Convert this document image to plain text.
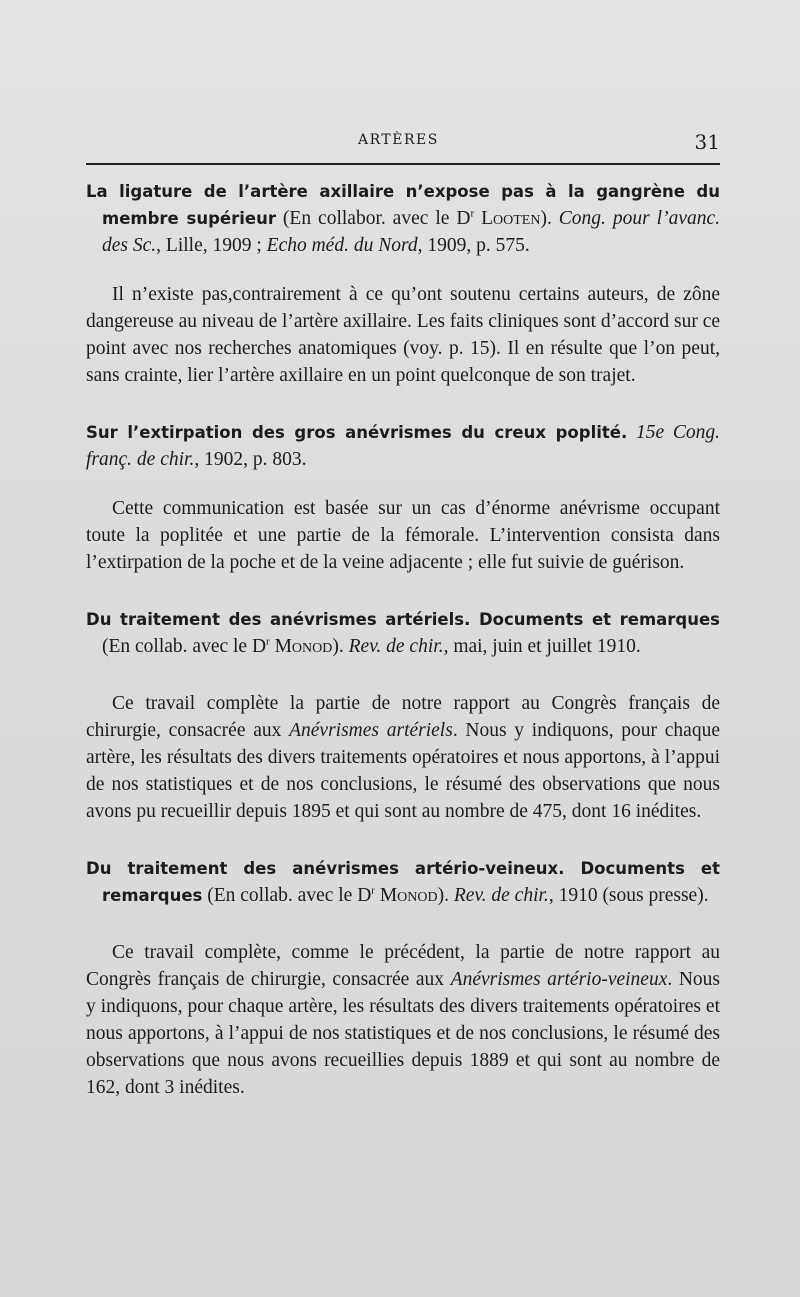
ARTÈRES	31

La ligature de l’artère axillaire n’expose pas à la gangrène du membre supérieur (En collabor. avec le $D^r$ Looten). Cong. pour l’avanc. des Sc., Lille, 1909 ; Echo méd. du Nord, 1909, p. 575.

Il n’existe pas,contrairement à ce qu’ont soutenu certains auteurs, de zône dangereuse au niveau de l’artère axillaire. Les faits cliniques sont d’accord sur ce point avec nos recherches anatomiques (voy. p. 15). Il en résulte que l’on peut, sans crainte, lier l’artère axillaire en un point quelconque de son trajet.

Sur l’extirpation des gros anévrismes du creux poplité. 15e Cong. franç. de chir., 1902, p. 803.

Cette communication est basée sur un cas d’énorme anévrisme occupant toute la poplitée et une partie de la fémorale. L’intervention consista dans l’extirpation de la poche et de la veine adjacente ; elle fut suivie de guérison.

Du traitement des anévrismes artériels. Documents et remarques (En collab. avec le $D^r$ Monod). Rev. de chir., mai, juin et juillet 1910.

Ce travail complète la partie de notre rapport au Congrès français de chirurgie, consacrée aux Anévrismes artériels. Nous y indiquons, pour chaque artère, les résultats des divers traitements opératoires et nous apportons, à l’appui de nos statistiques et de nos conclusions, le résumé des observations que nous avons pu recueillir depuis 1895 et qui sont au nombre de 475, dont 16 inédites.

Du traitement des anévrismes artério-veineux. Documents et remarques (En collab. avec le $D^r$ Monod). Rev. de chir., 1910 (sous presse).

Ce travail complète, comme le précédent, la partie de notre rapport au Congrès français de chirurgie, consacrée aux Anévrismes artério-veineux. Nous y indiquons, pour chaque artère, les résultats des divers traitements opératoires et nous apportons, à l’appui de nos statistiques et de nos conclusions, le résumé des observations que nous avons recueillies depuis 1889 et qui sont au nombre de 162, dont 3 inédites.
